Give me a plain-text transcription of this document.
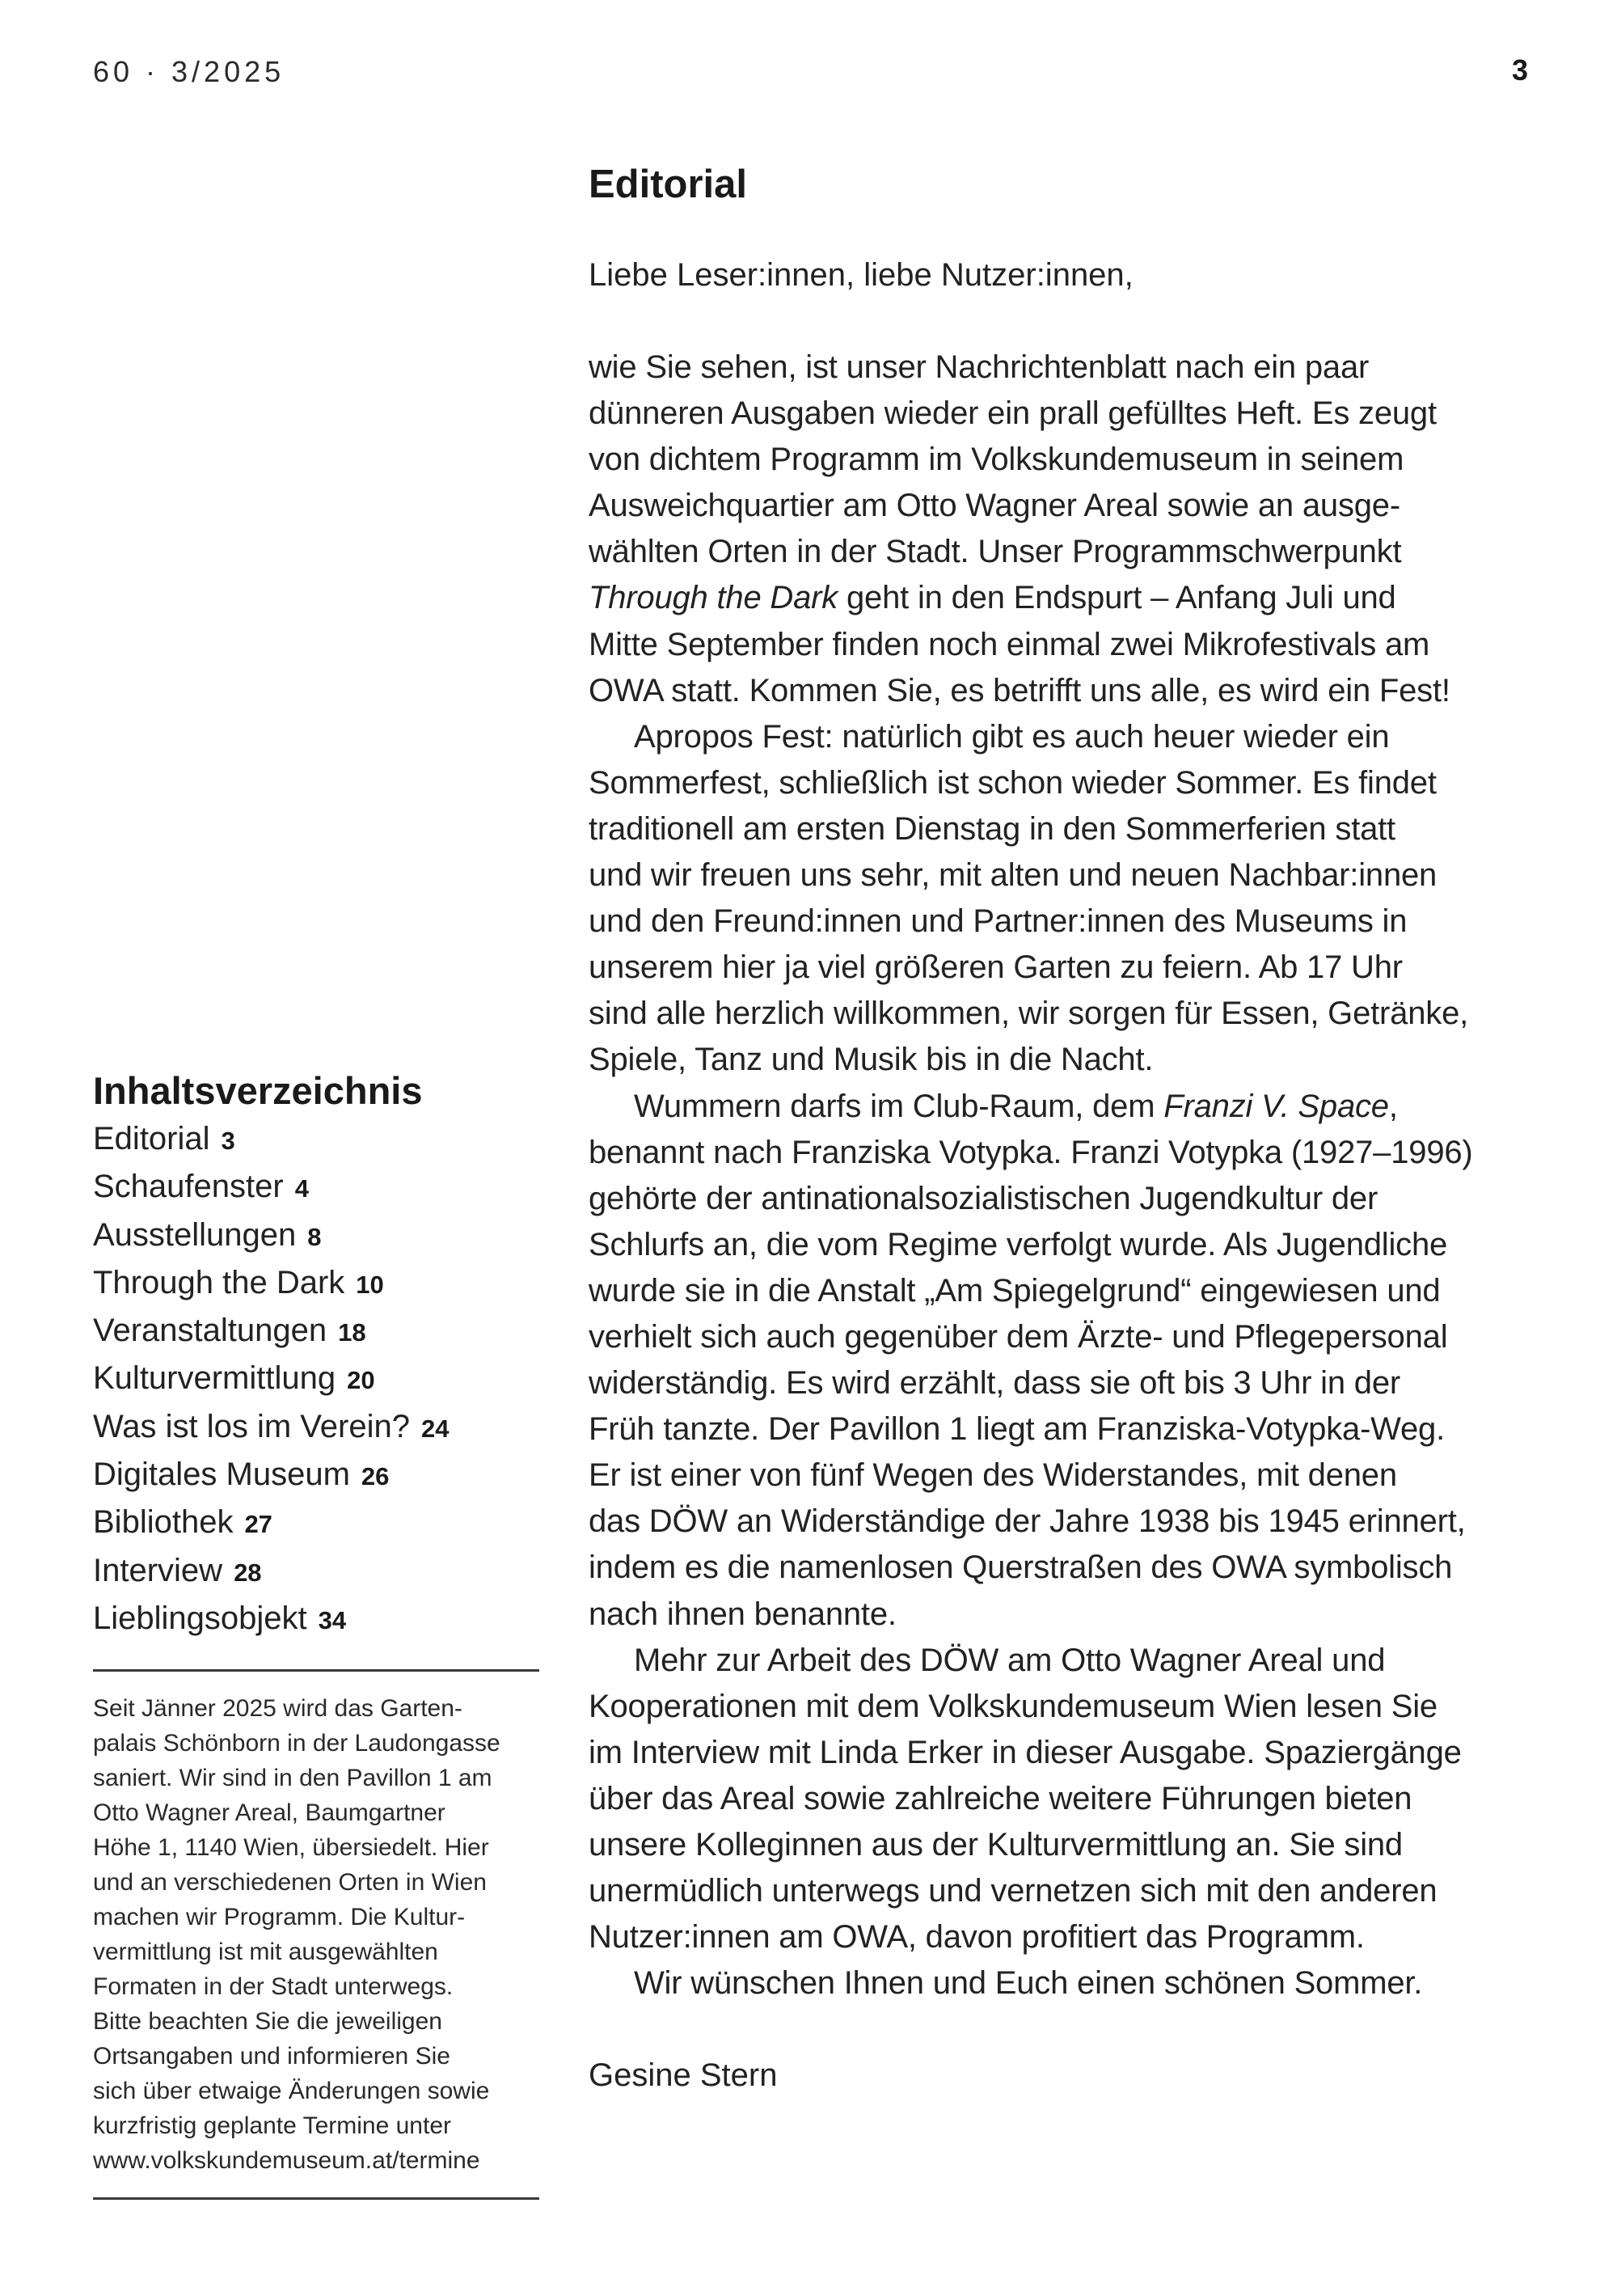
60 · 3/2025	3
Editorial

Liebe Leser:innen, liebe Nutzer:innen,

wie Sie sehen, ist unser Nachrichtenblatt nach ein paar
dünneren Ausgaben wieder ein prall gefülltes Heft. Es zeugt
von dichtem Programm im Volkskundemuseum in seinem
Ausweichquartier am Otto Wagner Areal sowie an ausge-
wählten Orten in der Stadt. Unser Programmschwerpunkt
Through the Dark geht in den Endspurt – Anfang Juli und
Mitte September finden noch einmal zwei Mikrofestivals am
OWA statt. Kommen Sie, es betrifft uns alle, es wird ein Fest!

Apropos Fest: natürlich gibt es auch heuer wieder ein
Sommerfest, schließlich ist schon wieder Sommer. Es findet
traditionell am ersten Dienstag in den Sommerferien statt
und wir freuen uns sehr, mit alten und neuen Nachbar:innen
und den Freund:innen und Partner:innen des Museums in
unserem hier ja viel größeren Garten zu feiern. Ab 17 Uhr
sind alle herzlich willkommen, wir sorgen für Essen, Getränke,
Spiele, Tanz und Musik bis in die Nacht.

Wummern darfs im Club-Raum, dem Franzi V. Space,
benannt nach Franziska Votypka. Franzi Votypka (1927–1996)
gehörte der antinationalsozialistischen Jugendkultur der
Schlurfs an, die vom Regime verfolgt wurde. Als Jugendliche
wurde sie in die Anstalt „Am Spiegelgrund“ eingewiesen und
verhielt sich auch gegenüber dem Ärzte- und Pflegepersonal
widerständig. Es wird erzählt, dass sie oft bis 3 Uhr in der
Früh tanzte. Der Pavillon 1 liegt am Franziska-Votypka-Weg.
Er ist einer von fünf Wegen des Widerstandes, mit denen
das DÖW an Widerständige der Jahre 1938 bis 1945 erinnert,
indem es die namenlosen Querstraßen des OWA symbolisch
nach ihnen benannte.

Mehr zur Arbeit des DÖW am Otto Wagner Areal und
Kooperationen mit dem Volkskundemuseum Wien lesen Sie
im Interview mit Linda Erker in dieser Ausgabe. Spaziergänge
über das Areal sowie zahlreiche weitere Führungen bieten
unsere Kolleginnen aus der Kulturvermittlung an. Sie sind
unermüdlich unterwegs und vernetzen sich mit den anderen
Nutzer:innen am OWA, davon profitiert das Programm.

Wir wünschen Ihnen und Euch einen schönen Sommer.

Gesine Stern
Inhaltsverzeichnis
Editorial 3
Schaufenster 4
Ausstellungen 8
Through the Dark 10
Veranstaltungen 18
Kulturvermittlung 20
Was ist los im Verein? 24
Digitales Museum 26
Bibliothek 27
Interview 28
Lieblingsobjekt 34

Seit Jänner 2025 wird das Garten-
palais Schönborn in der Laudongasse
saniert. Wir sind in den Pavillon 1 am
Otto Wagner Areal, Baumgartner
Höhe 1, 1140 Wien, übersiedelt. Hier
und an verschiedenen Orten in Wien
machen wir Programm. Die Kultur-
vermittlung ist mit ausgewählten
Formaten in der Stadt unterwegs.
Bitte beachten Sie die jeweiligen
Ortsangaben und informieren Sie
sich über etwaige Änderungen sowie
kurzfristig geplante Termine unter
www.volkskundemuseum.at/termine
